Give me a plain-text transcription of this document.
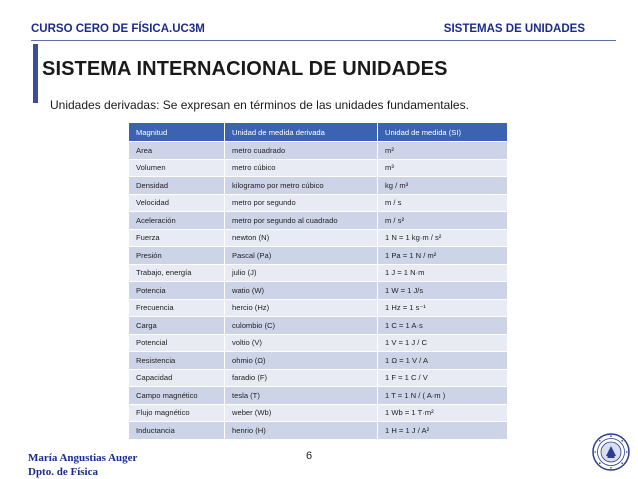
CURSO CERO DE FÍSICA.UC3M	SISTEMAS DE UNIDADES
SISTEMA INTERNACIONAL DE UNIDADES
Unidades derivadas: Se expresan en términos de las unidades fundamentales.
Magnitud	Unidad de medida derivada	Unidad de medida (SI)
Area	metro cuadrado	m²
Volumen	metro cúbico	m³
Densidad	kilogramo por metro cúbico	kg / m³
Velocidad	metro por segundo	m / s
Aceleración	metro por segundo al cuadrado	m / s²
Fuerza	newton (N)	1 N = 1 kg·m / s²
Presión	Pascal (Pa)	1 Pa = 1 N / m²
Trabajo, energía	julio (J)	1 J = 1 N·m
Potencia	watio (W)	1 W = 1 J/s
Frecuencia	hercio (Hz)	1 Hz = 1 s⁻¹
Carga	culombio (C)	1 C = 1 A·s
Potencial	voltio (V)	1 V = 1 J / C
Resistencia	ohmio (Ω)	1 Ω = 1 V / A
Capacidad	faradio (F)	1 F = 1 C / V
Campo magnético	tesla (T)	1 T = 1 N / ( A·m )
Flujo magnético	weber (Wb)	1 Wb = 1 T·m²
Inductancia	henrio (H)	1 H = 1 J / A²
María Angustias Auger
Dpto. de Física
6
